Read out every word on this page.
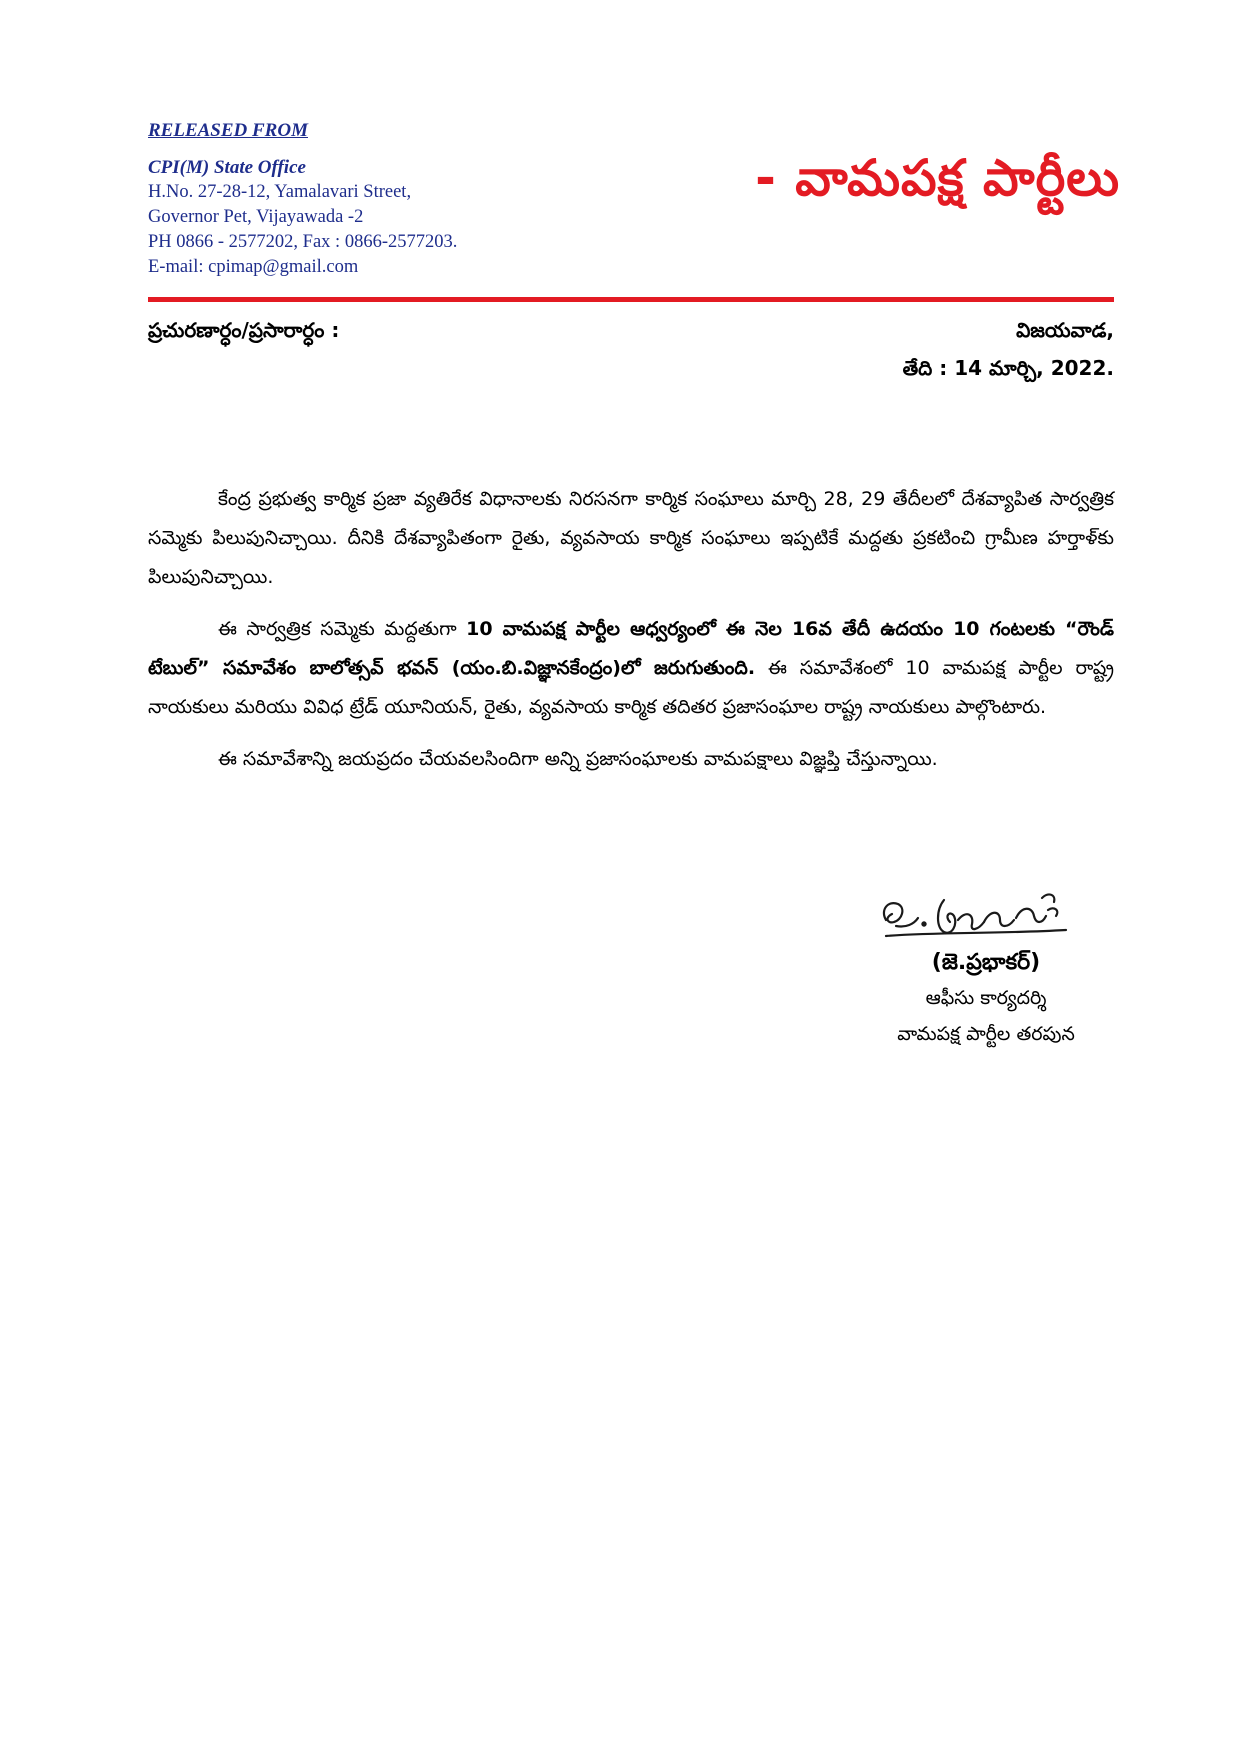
RELEASED FROM
CPI(M) State Office
H.No. 27-28-12, Yamalavari Street,
Governor Pet, Vijayawada -2
PH 0866 - 2577202, Fax : 0866-2577203.
E-mail: cpimap@gmail.com
- వామపక్ష పార్టీలు
ప్రచురణార్ధం/ప్రసారార్ధం :	విజయవాడ,
తేది : 14 మార్చి, 2022.

కేంద్ర ప్రభుత్వ కార్మిక ప్రజా వ్యతిరేక విధానాలకు నిరసనగా కార్మిక సంఘాలు మార్చి 28, 29 తేదీలలో దేశవ్యాపిత సార్వత్రిక సమ్మెకు పిలుపునిచ్చాయి. దీనికి దేశవ్యాపితంగా రైతు, వ్యవసాయ కార్మిక సంఘాలు ఇప్పటికే మద్దతు ప్రకటించి గ్రామీణ హర్తాళ్‌కు పిలుపునిచ్చాయి.

ఈ సార్వత్రిక సమ్మెకు మద్దతుగా 10 వామపక్ష పార్టీల ఆధ్వర్యంలో ఈ నెల 16వ తేదీ ఉదయం 10 గంటలకు “రౌండ్ టేబుల్” సమావేశం బాలోత్సవ్ భవన్ (యం.బి.విజ్ఞానకేంద్రం)లో జరుగుతుంది. ఈ సమావేశంలో 10 వామపక్ష పార్టీల రాష్ట్ర నాయకులు మరియు వివిధ ట్రేడ్ యూనియన్, రైతు, వ్యవసాయ కార్మిక తదితర ప్రజాసంఘాల రాష్ట్ర నాయకులు పాల్గొంటారు.

ఈ సమావేశాన్ని జయప్రదం చేయవలసిందిగా అన్ని ప్రజాసంఘాలకు వామపక్షాలు విజ్ఞప్తి చేస్తున్నాయి.

(జె.ప్రభాకర్)
ఆఫీసు కార్యదర్శి
వామపక్ష పార్టీల తరపున
